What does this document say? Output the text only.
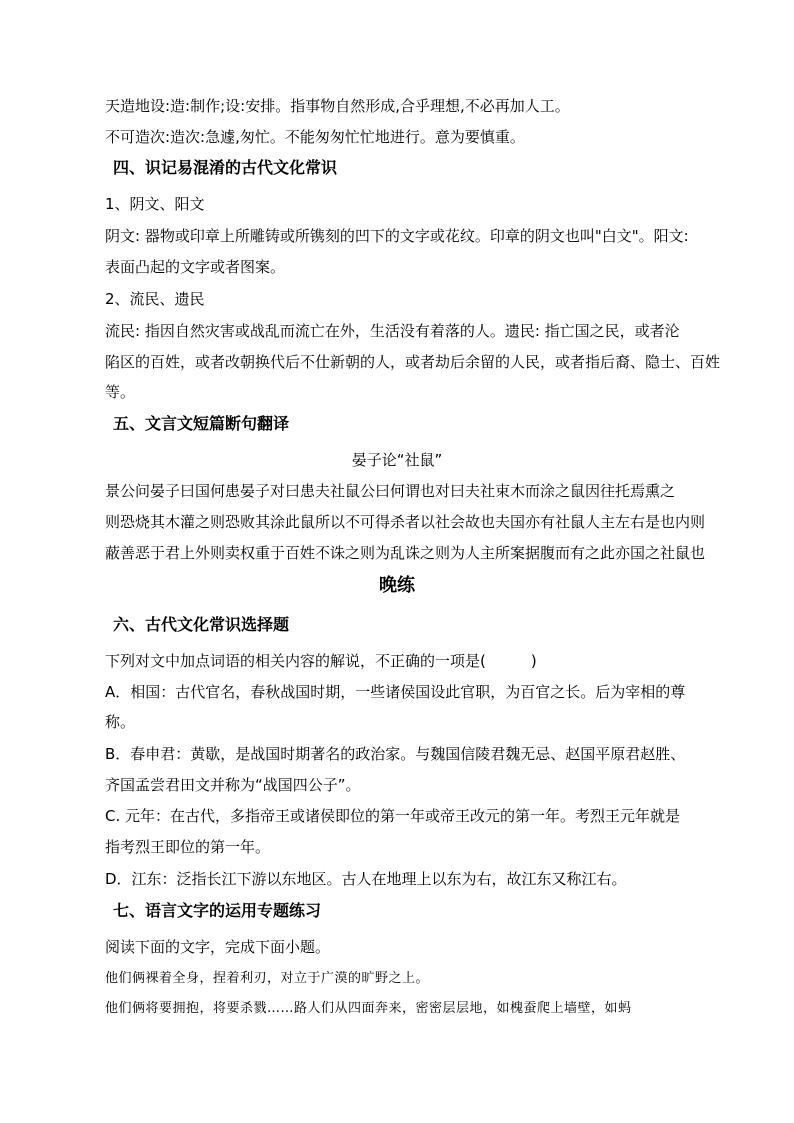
天造地设:造:制作;设:安排。指事物自然形成,合乎理想,不必再加人工。
不可造次:造次:急遽,匆忙。不能匆匆忙忙地进行。意为要慎重。
四、识记易混淆的古代文化常识
1、阴文、阳文
阴文: 器物或印章上所雕铸或所镌刻的凹下的文字或花纹。印章的阴文也叫"白文"。阳文:
表面凸起的文字或者图案。
2、流民、遗民
流民: 指因自然灾害或战乱而流亡在外，生活没有着落的人。遗民: 指亡国之民，或者沦
陷区的百姓，或者改朝换代后不仕新朝的人，或者劫后余留的人民，或者指后裔、隐士、百姓
等。
五、文言文短篇断句翻译
晏子论“社鼠”
景公问晏子曰国何患晏子对曰患夫社鼠公曰何谓也对曰夫社束木而涂之鼠因往托焉熏之
则恐烧其木灌之则恐败其涂此鼠所以不可得杀者以社会故也夫国亦有社鼠人主左右是也内则
蔽善恶于君上外则卖权重于百姓不诛之则为乱诛之则为人主所案据腹而有之此亦国之社鼠也
晚练
六、古代文化常识选择题
下列对文中加点词语的相关内容的解说，不正确的一项是(　　　)
A．相国：古代官名，春秋战国时期，一些诸侯国设此官职，为百官之长。后为宰相的尊
称。
B．春申君：黄歇，是战国时期著名的政治家。与魏国信陵君魏无忌、赵国平原君赵胜、
齐国孟尝君田文并称为“战国四公子”。
C. 元年：在古代，多指帝王或诸侯即位的第一年或帝王改元的第一年。考烈王元年就是
指考烈王即位的第一年。
D．江东：泛指长江下游以东地区。古人在地理上以东为右，故江东又称江右。
七、语言文字的运用专题练习
阅读下面的文字，完成下面小题。
他们俩裸着全身，捏着利刃，对立于广漠的旷野之上。
他们俩将要拥抱，将要杀戮……路人们从四面奔来，密密层层地，如槐蚕爬上墙壁，如蚂
